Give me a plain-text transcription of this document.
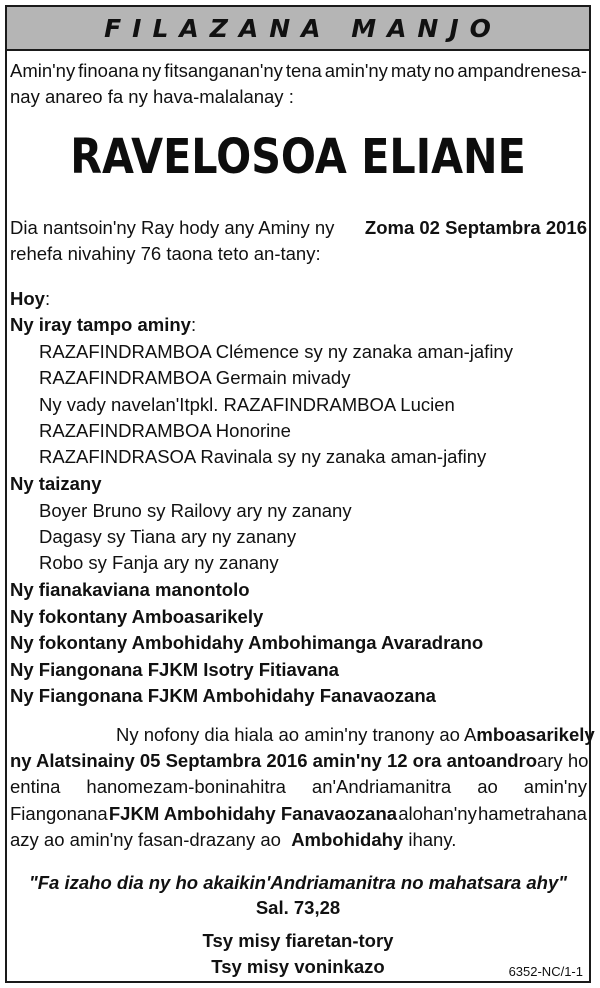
FILAZANA MANJO
Amin'ny finoana ny fitsanganan'ny tena amin'ny maty no ampandrenesa-
nay anareo fa ny hava-malalanay :
RAVELOSOA ELIANE
Dia nantsoin'ny Ray hody any Aminy ny Zoma 02 Septambra 2016
rehefa nivahiny 76 taona teto an-tany:
Hoy:
Ny iray tampo aminy:
RAZAFINDRAMBOA Clémence sy ny zanaka aman-jafiny
RAZAFINDRAMBOA Germain mivady
Ny vady navelan'Itpkl. RAZAFINDRAMBOA Lucien
RAZAFINDRAMBOA Honorine
RAZAFINDRASOA Ravinala sy ny zanaka aman-jafiny
Ny taizany
Boyer Bruno sy Railovy ary ny zanany
Dagasy sy Tiana ary ny zanany
Robo sy Fanja ary ny zanany
Ny fianakaviana manontolo
Ny fokontany Amboasarikely
Ny fokontany Ambohidahy Ambohimanga Avaradrano
Ny Fiangonana FJKM Isotry Fitiavana
Ny Fiangonana FJKM Ambohidahy Fanavaozana
Ny nofony dia hiala ao amin'ny tranony ao Amboasarikely
ny Alatsinainy 05 Septambra 2016 amin'ny 12 ora antoandro ary ho
entina hanomezam-boninahitra an'Andriamanitra ao amin'ny
Fiangonana FJKM Ambohidahy Fanavaozana alohan'ny hametrahana
azy ao amin'ny fasan-drazany ao Ambohidahy ihany.
"Fa izaho dia ny ho akaikin'Andriamanitra no mahatsara ahy"
Sal. 73,28
Tsy misy fiaretan-tory
Tsy misy voninkazo	6352-NC/1-1
